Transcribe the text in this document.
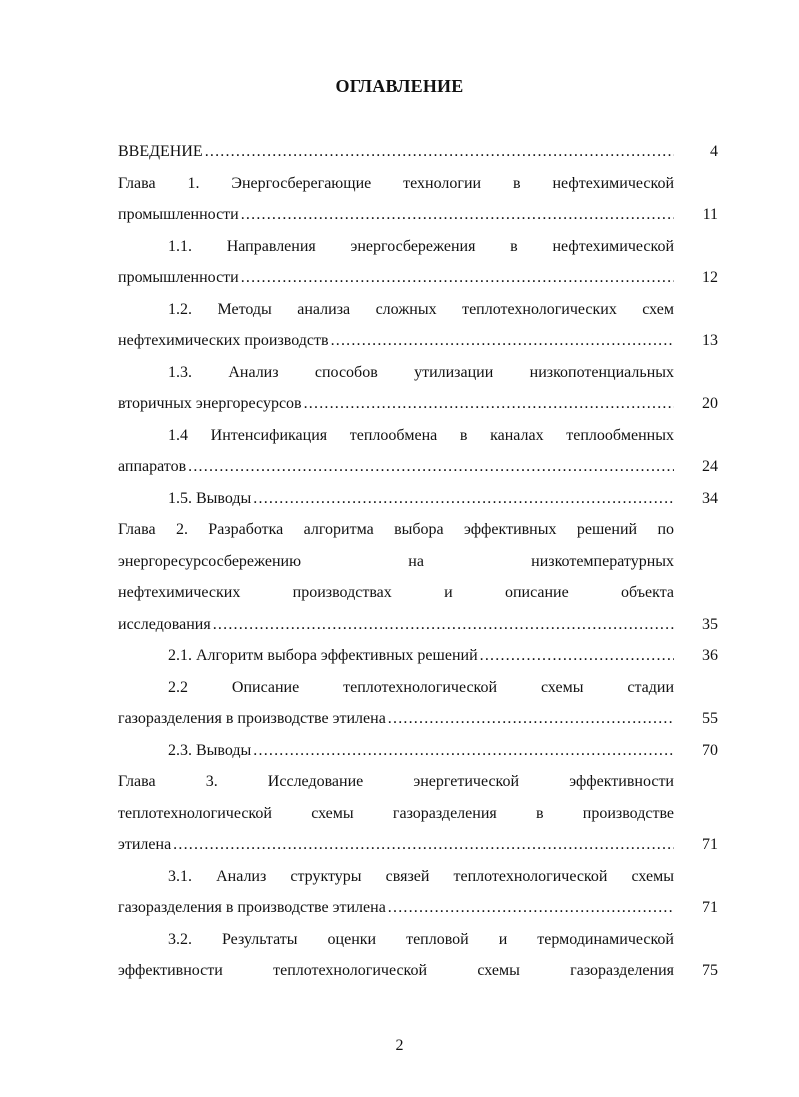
ОГЛАВЛЕНИЕ
ВВЕДЕНИЕ .....	4
Глава 1. Энергосберегающие технологии в нефтехимической
промышленности .....	11
1.1. Направления энергосбережения в нефтехимической
промышленности .....	12
1.2. Методы анализа сложных теплотехнологических схем
нефтехимических производств .....	13
1.3. Анализ способов утилизации низкопотенциальных
вторичных энергоресурсов .....	20
1.4 Интенсификация теплообмена в каналах теплообменных
аппаратов .....	24
1.5. Выводы .....	34
Глава 2. Разработка алгоритма выбора эффективных решений по
энергоресурсосбережению на низкотемпературных
нефтехимических производствах и описание объекта
исследования .....	35
2.1. Алгоритм выбора эффективных решений .....	36
2.2 Описание теплотехнологической схемы стадии
газоразделения в производстве этилена .....	55
2.3. Выводы .....	70
Глава 3. Исследование энергетической эффективности
теплотехнологической схемы газоразделения в производстве
этилена .....	71
3.1. Анализ структуры связей теплотехнологической схемы
газоразделения в производстве этилена .....	71
3.2. Результаты оценки тепловой и термодинамической
эффективности теплотехнологической схемы газоразделения	75
2
